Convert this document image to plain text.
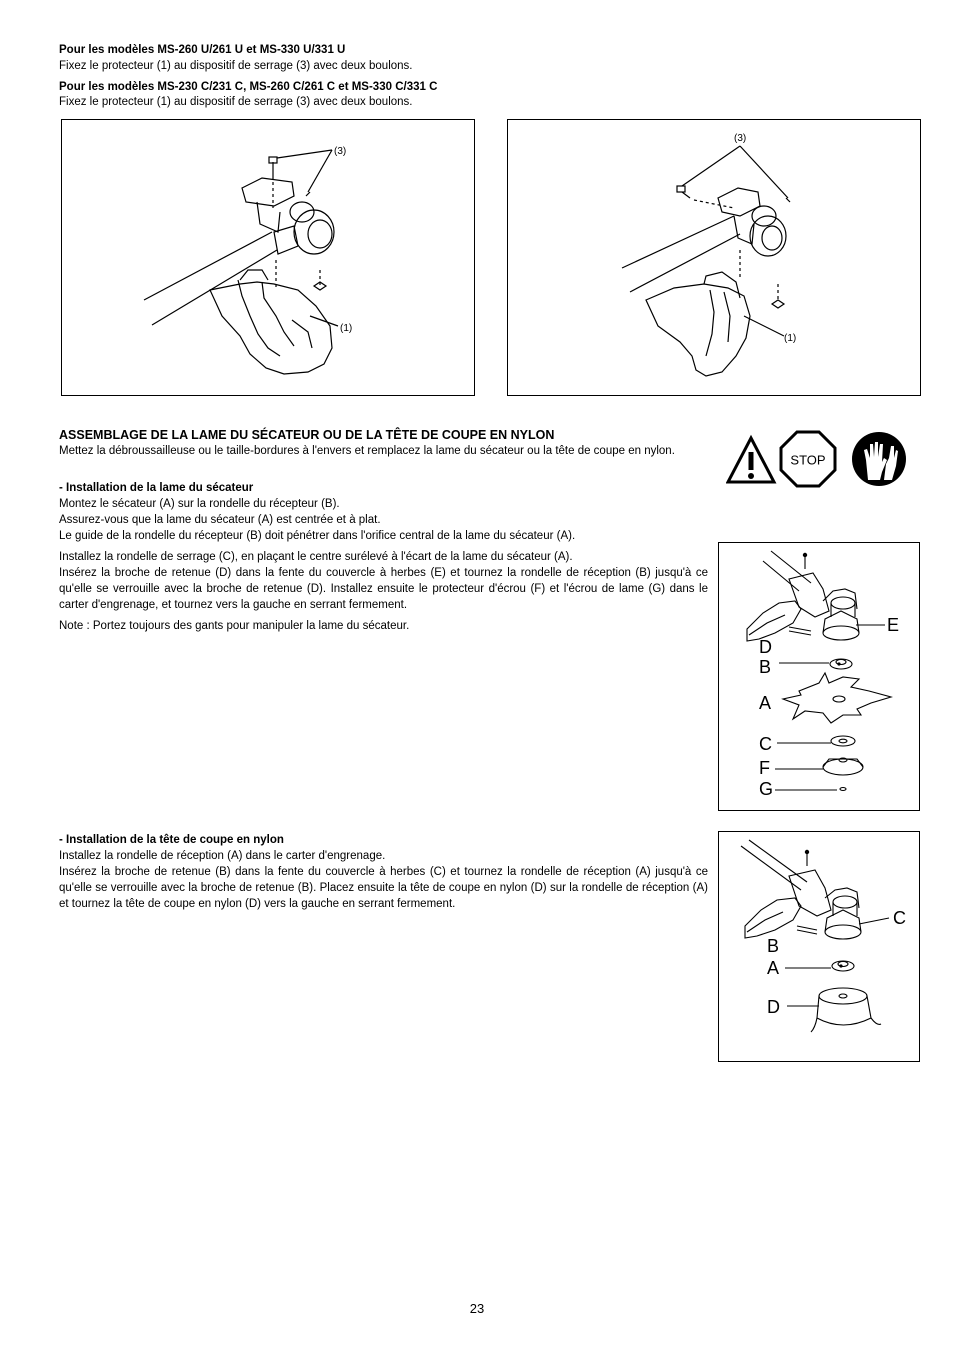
Pour les modèles MS-260 U/261 U et MS-330 U/331 U
Fixez le protecteur (1) au dispositif de serrage (3) avec deux boulons.
Pour les modèles MS-230 C/231 C, MS-260 C/261 C et MS-330 C/331 C
Fixez le protecteur (1) au dispositif de serrage (3) avec deux boulons.
(3)
(1)
(3)
(1)
ASSEMBLAGE DE LA LAME DU SÉCATEUR OU DE LA TÊTE DE COUPE EN NYLON
Mettez la débroussailleuse ou le taille-bordures à l'envers et remplacez la lame du sécateur ou la tête de coupe en nylon.
STOP
- Installation de la lame du sécateur
Montez le sécateur (A) sur la rondelle du récepteur (B).
Assurez-vous que la lame du sécateur (A) est centrée et à plat.
Le guide de la rondelle du récepteur (B) doit pénétrer dans l'orifice central de la lame du sécateur (A).

Installez la rondelle de serrage (C), en plaçant le centre surélevé à l'écart de la lame du sécateur (A).

Insérez la broche de retenue (D) dans la fente du couvercle à herbes (E) et tournez la rondelle de réception (B) jusqu'à ce qu'elle se verrouille avec la broche de retenue (D). Installez ensuite le protecteur d'écrou (F) et l'écrou de lame (G) dans le carter d'engrenage, et tournez vers la gauche en serrant fermement.

Note : Portez toujours des gants pour manipuler la lame du sécateur.	E
D
B
A
C
F
G
- Installation de la tête de coupe en nylon
Installez la rondelle de réception (A) dans le carter d'engrenage.
Insérez la broche de retenue (B) dans la fente du couvercle à herbes (C) et tournez la rondelle de réception (A) jusqu'à ce qu'elle se verrouille avec la broche de retenue (B). Placez ensuite la tête de coupe en nylon (D) sur la rondelle de réception (A) et tournez la tête de coupe en nylon (D) vers la gauche en serrant fermement.
C
B
A
D
23
